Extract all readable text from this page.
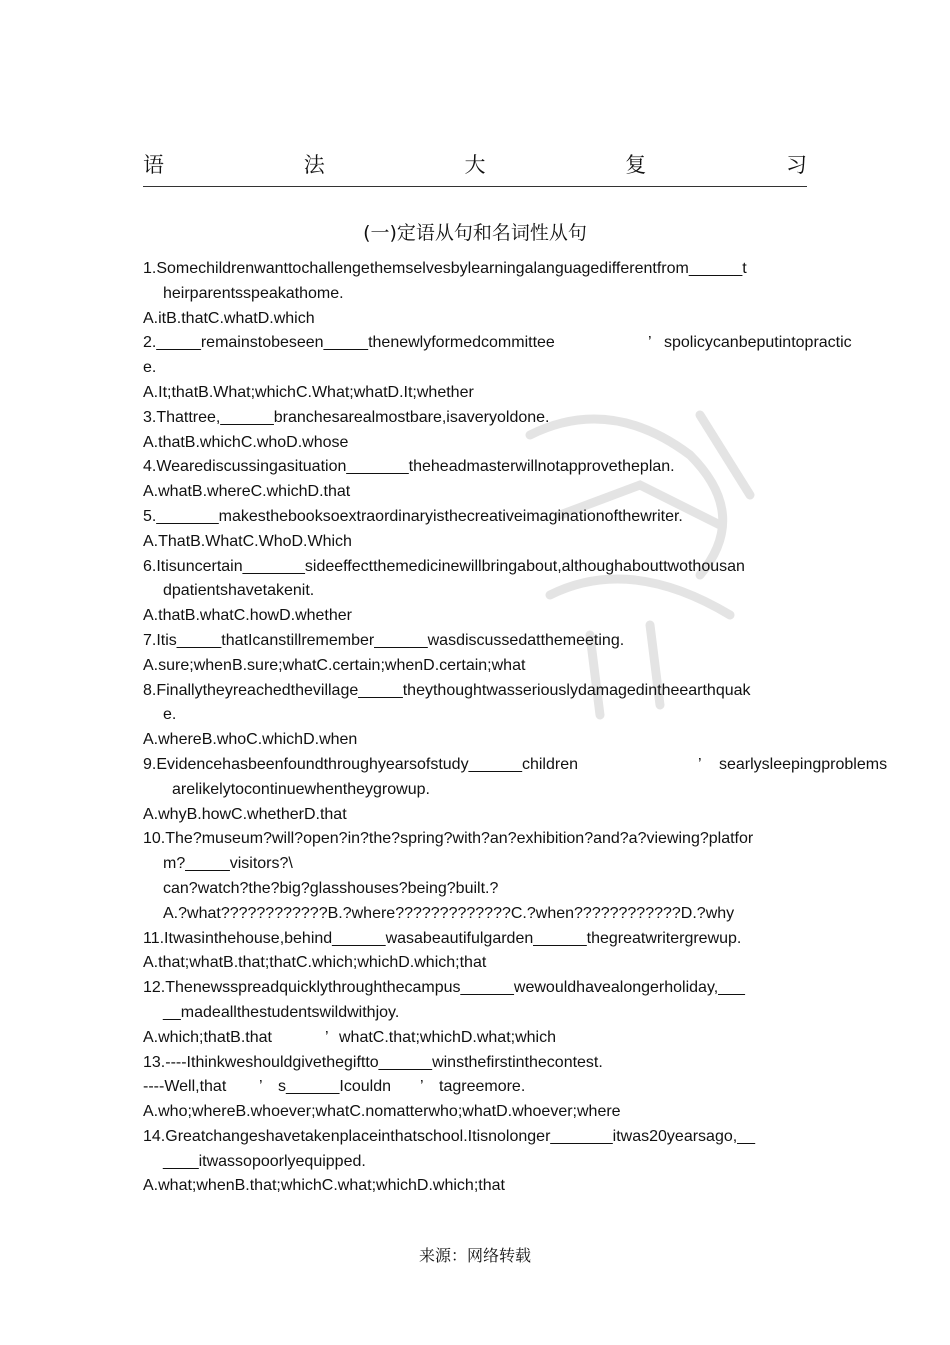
语	法	大	复	习
(一)定语从句和名词性从句
1.Somechildrenwanttochallengethemselvesbylearningalanguagedifferentfrom______t
heirparentsspeakathome.
A.itB.thatC.whatD.which
2._____remainstobeseen_____thenewlyformedcommittee	’ spolicycanbeputintopractic
e.
A.It;thatB.What;whichC.What;whatD.It;whether
3.Thattree,______branchesarealmostbare,isaveryoldone.
A.thatB.whichC.whoD.whose
4.Wearediscussingasituation_______theheadmasterwillnotapprovetheplan.
A.whatB.whereC.whichD.that
5._______makesthebooksoextraordinaryisthecreativeimaginationofthewriter.
A.ThatB.WhatC.WhoD.Which
6.Itisuncertain_______sideeffectthemedicinewillbringabout,althoughabouttwothousan
dpatientshavetakenit.
A.thatB.whatC.howD.whether
7.Itis_____thatIcanstillremember______wasdiscussedatthemeeting.
A.sure;whenB.sure;whatC.certain;whenD.certain;what
8.Finallytheyreachedthevillage_____theythoughtwasseriouslydamagedintheearthquak
e.
A.whereB.whoC.whichD.when
9.Evidencehasbeenfoundthroughyearsofstudy______children	’ searlysleepingproblems
arelikelytocontinuewhentheygrowup.
A.whyB.howC.whetherD.that
10.The?museum?will?open?in?the?spring?with?an?exhibition?and?a?viewing?platfor
m?_____visitors?\
can?watch?the?big?glasshouses?being?built.?
A.?what????????????B.?where?????????????C.?when????????????D.?why
11.Itwasinthehouse,behind______wasabeautifulgarden______thegreatwritergrewup.
A.that;whatB.that;thatC.which;whichD.which;that
12.Thenewsspreadquicklythroughthecampus______wewouldhavealongerholiday,___
__madeallthestudentswildwithjoy.
A.which;thatB.that	’ whatC.that;whichD.what;which
13.----Ithinkweshouldgivethegiftto______winsthefirstinthecontest.
----Well,that ’ s______Icouldn ’ tagreemore.
A.who;whereB.whoever;whatC.nomatterwho;whatD.whoever;where
14.Greatchangeshavetakenplaceinthatschool.Itisnolonger_______itwas20yearsago,__
____itwassopoorlyequipped.
A.what;whenB.that;whichC.what;whichD.which;that
来源：网络转载
